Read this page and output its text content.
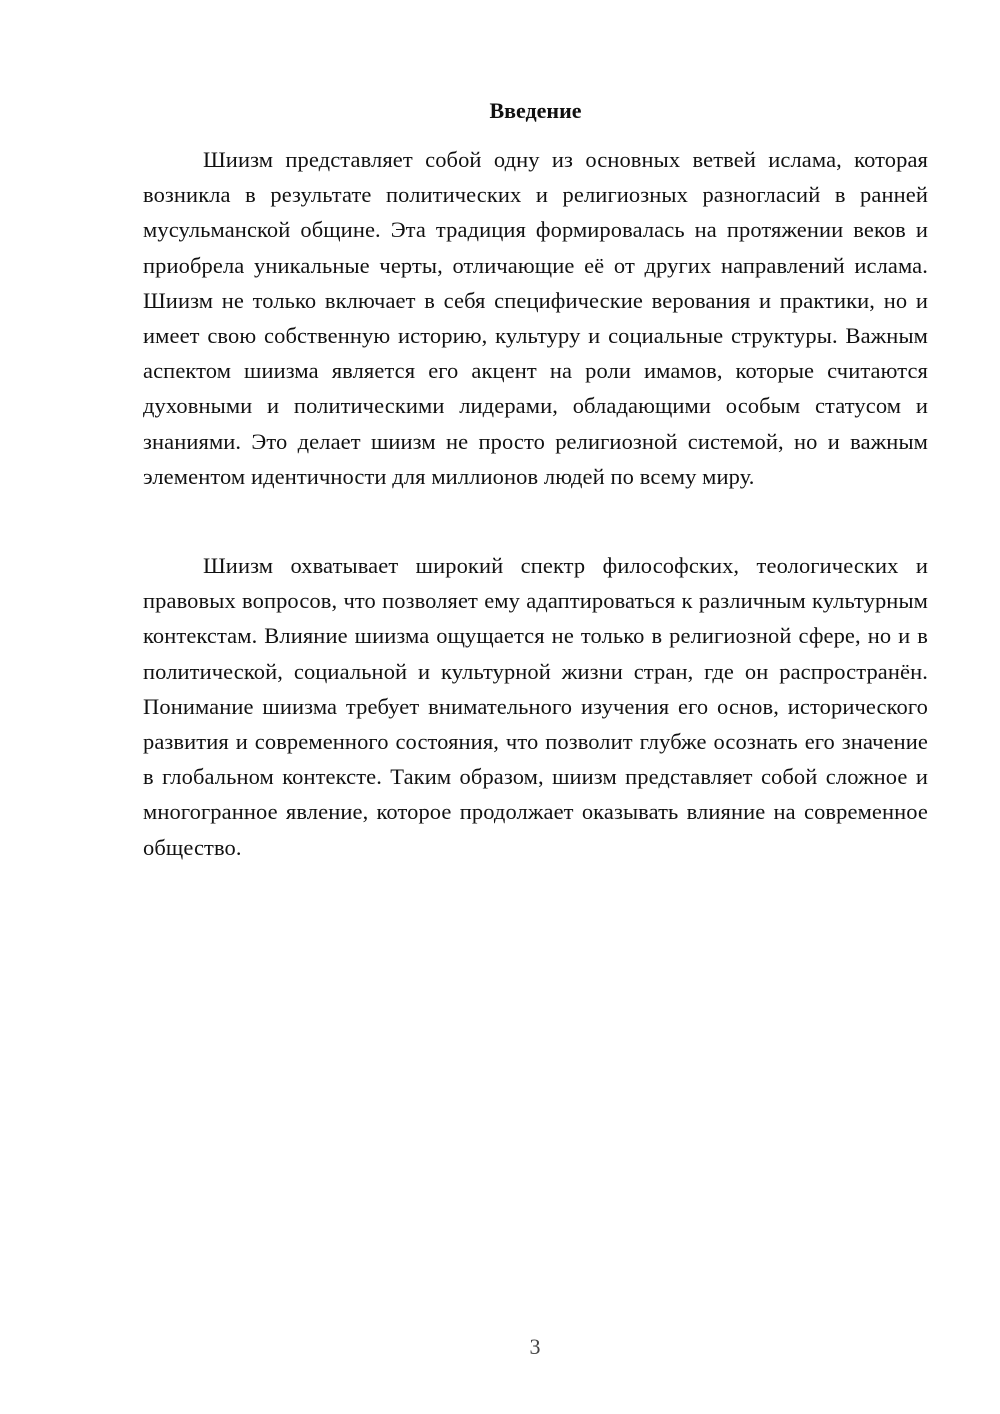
Введение

Шиизм представляет собой одну из основных ветвей ислама, которая возникла в результате политических и религиозных разногласий в ранней мусульманской общине. Эта традиция формировалась на протяжении веков и приобрела уникальные черты, отличающие её от других направлений ислама. Шиизм не только включает в себя специфические верования и практики, но и имеет свою собственную историю, культуру и социальные структуры. Важным аспектом шиизма является его акцент на роли имамов, которые считаются духовными и политическими лидерами, обладающими особым статусом и знаниями. Это делает шиизм не просто религиозной системой, но и важным элементом идентичности для миллионов людей по всему миру.

Шиизм охватывает широкий спектр философских, теологических и правовых вопросов, что позволяет ему адаптироваться к различным культурным контекстам. Влияние шиизма ощущается не только в религиозной сфере, но и в политической, социальной и культурной жизни стран, где он распространён. Понимание шиизма требует внимательного изучения его основ, исторического развития и современного состояния, что позволит глубже осознать его значение в глобальном контексте. Таким образом, шиизм представляет собой сложное и многогранное явление, которое продолжает оказывать влияние на современное общество.

3
